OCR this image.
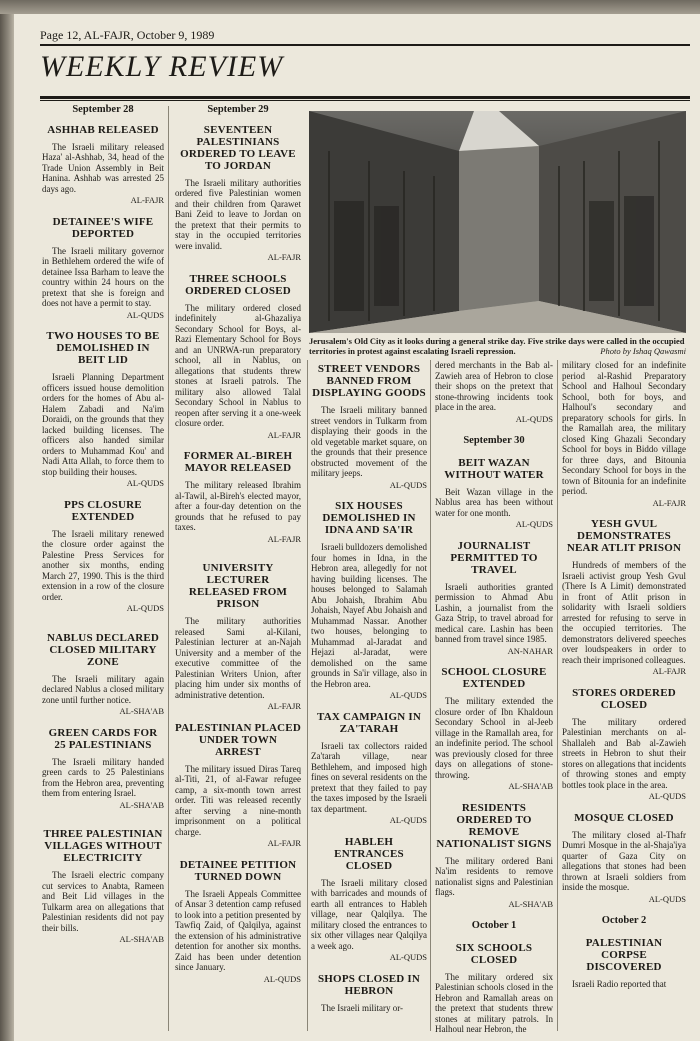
Page 12, AL-FAJR, October 9, 1989

WEEKLY REVIEW
Jerusalem's Old City as it looks during a general strike day. Five strike days were called in the occupied territories in protest against escalating Israeli repression.	Photo by Ishaq Qawasmi
September 28
ASHHAB RELEASED

The Israeli military released Haza' al-Ashhab, 34, head of the Trade Union Assembly in Beit Hanina. Ashhab was arrested 25 days ago.

AL-FAJR
DETAINEE'S WIFE DEPORTED

The Israeli military governor in Bethlehem ordered the wife of detainee Issa Barham to leave the country within 24 hours on the pretext that she is foreign and does not have a permit to stay.

AL-QUDS
TWO HOUSES TO BE DEMOLISHED IN BEIT LID

Israeli Planning Department officers issued house demolition orders for the homes of Abu al-Halem Zabadi and Na'im Doraidi, on the grounds that they lacked building licenses. The officers also handed similar orders to Muhammad Kou' and Nadi Atta Allah, to force them to stop building their houses.

AL-QUDS
PPS CLOSURE EXTENDED

The Israeli military renewed the closure order against the Palestine Press Services for another six months, ending March 27, 1990. This is the third extension in a row of the closure order.

AL-QUDS
NABLUS DECLARED CLOSED MILITARY ZONE

The Israeli military again declared Nablus a closed military zone until further notice.

AL-SHA'AB
GREEN CARDS FOR 25 PALESTINIANS

The Israeli military handed green cards to 25 Palestinians from the Hebron area, preventing them from entering Israel.

AL-SHA'AB
THREE PALESTINIAN VILLAGES WITHOUT ELECTRICITY

The Israeli electric company cut services to Anabta, Rameen and Beit Lid villages in the Tulkarm area on allegations that Palestinian residents did not pay their bills.

AL-SHA'AB
September 29
SEVENTEEN PALESTINIANS ORDERED TO LEAVE TO JORDAN

The Israeli military authorities ordered five Palestinian women and their children from Qarawet Bani Zeid to leave to Jordan on the pretext that their permits to stay in the occupied territories were invalid.

AL-FAJR
THREE SCHOOLS ORDERED CLOSED

The military ordered closed indefinitely al-Ghazaliya Secondary School for Boys, al-Razi Elementary School for Boys and an UNRWA-run preparatory school, all in Nablus, on allegations that students threw stones at Israeli patrols. The military also allowed Talal Secondary School in Nablus to reopen after serving it a one-week closure order.

AL-FAJR
FORMER AL-BIREH MAYOR RELEASED

The military released Ibrahim al-Tawil, al-Bireh's elected mayor, after a four-day detention on the grounds that he refused to pay taxes.

AL-FAJR
UNIVERSITY LECTURER RELEASED FROM PRISON

The military authorities released Sami al-Kilani, Palestinian lecturer at an-Najah University and a member of the executive committee of the Palestinian Writers Union, after placing him under six months of administrative detention.

AL-FAJR
PALESTINIAN PLACED UNDER TOWN ARREST

The military issued Diras Tareq al-Titi, 21, of al-Fawar refugee camp, a six-month town arrest order. Titi was released recently after serving a nine-month imprisonment on a political charge.

AL-FAJR
DETAINEE PETITION TURNED DOWN

The Israeli Appeals Committee of Ansar 3 detention camp refused to look into a petition presented by Tawfiq Zaid, of Qalqilya, against the extension of his administrative detention for another six months. Zaid has been under detention since January.

AL-QUDS
STREET VENDORS BANNED FROM DISPLAYING GOODS

The Israeli military banned street vendors in Tulkarm from displaying their goods in the old vegetable market square, on the grounds that their presence obstructed movement of the military jeeps.

AL-QUDS
SIX HOUSES DEMOLISHED IN IDNA AND SA'IR

Israeli bulldozers demolished four homes in Idna, in the Hebron area, allegedly for not having building licenses. The houses belonged to Salamah Abu Johaish, Ibrahim Abu Johaish, Nayef Abu Johaish and Muhammad Nassar. Another two houses, belonging to Muhammad al-Jaradat and Hejazi al-Jaradat, were demolished on the same grounds in Sa'ir village, also in the Hebron area.

AL-QUDS
TAX CAMPAIGN IN ZA'TARAH

Israeli tax collectors raided Za'tarah village, near Bethlehem, and imposed high fines on several residents on the pretext that they failed to pay the taxes imposed by the Israeli tax department.

AL-QUDS
HABLEH ENTRANCES CLOSED

The Israeli military closed with barricades and mounds of earth all entrances to Hableh village, near Qalqilya. The military closed the entrances to six other villages near Qalqilya a week ago.

AL-QUDS
SHOPS CLOSED IN HEBRON

The Israeli military or-

dered merchants in the Bab al-Zawieh area of Hebron to close their shops on the pretext that stone-throwing incidents took place in the area.

AL-QUDS
September 30
BEIT WAZAN WITHOUT WATER

Beit Wazan village in the Nablus area has been without water for one month.

AL-QUDS
JOURNALIST PERMITTED TO TRAVEL

Israeli authorities granted permission to Ahmad Abu Lashin, a journalist from the Gaza Strip, to travel abroad for medical care. Lashin has been banned from travel since 1985.

AN-NAHAR
SCHOOL CLOSURE EXTENDED

The military extended the closure order of Ibn Khaldoun Secondary School in al-Jeeb village in the Ramallah area, for an indefinite period. The school was previously closed for three days on allegations of stone-throwing.

AL-SHA'AB
RESIDENTS ORDERED TO REMOVE NATIONALIST SIGNS

The military ordered Bani Na'im residents to remove nationalist signs and Palestinian flags.

AL-SHA'AB
October 1
SIX SCHOOLS CLOSED

The military ordered six Palestinian schools closed in the Hebron and Ramallah areas on the pretext that students threw stones at military patrols. In Halhoul near Hebron, the

military closed for an indefinite period al-Rashid Preparatory School and Halhoul Secondary School, both for boys, and Halhoul's secondary and preparatory schools for girls. In the Ramallah area, the military closed King Ghazali Secondary School for boys in Biddo village for three days, and Bitounia Secondary School for boys in the town of Bitounia for an indefinite period.

AL-FAJR
YESH GVUL DEMONSTRATES NEAR ATLIT PRISON

Hundreds of members of the Israeli activist group Yesh Gvul (There Is A Limit) demonstrated in front of Atlit prison in solidarity with Israeli soldiers arrested for refusing to serve in the occupied territories. The demonstrators delivered speeches over loudspeakers in order to reach their imprisoned colleagues.

AL-FAJR
STORES ORDERED CLOSED

The military ordered Palestinian merchants on al-Shallaleh and Bab al-Zawieh streets in Hebron to shut their stores on allegations that incidents of throwing stones and empty bottles took place in the area.

AL-QUDS
MOSQUE CLOSED

The military closed al-Thafr Dumri Mosque in the al-Shaja'iya quarter of Gaza City on allegations that stones had been thrown at Israeli soldiers from inside the mosque.

AL-QUDS
October 2
PALESTINIAN CORPSE DISCOVERED

Israeli Radio reported that
